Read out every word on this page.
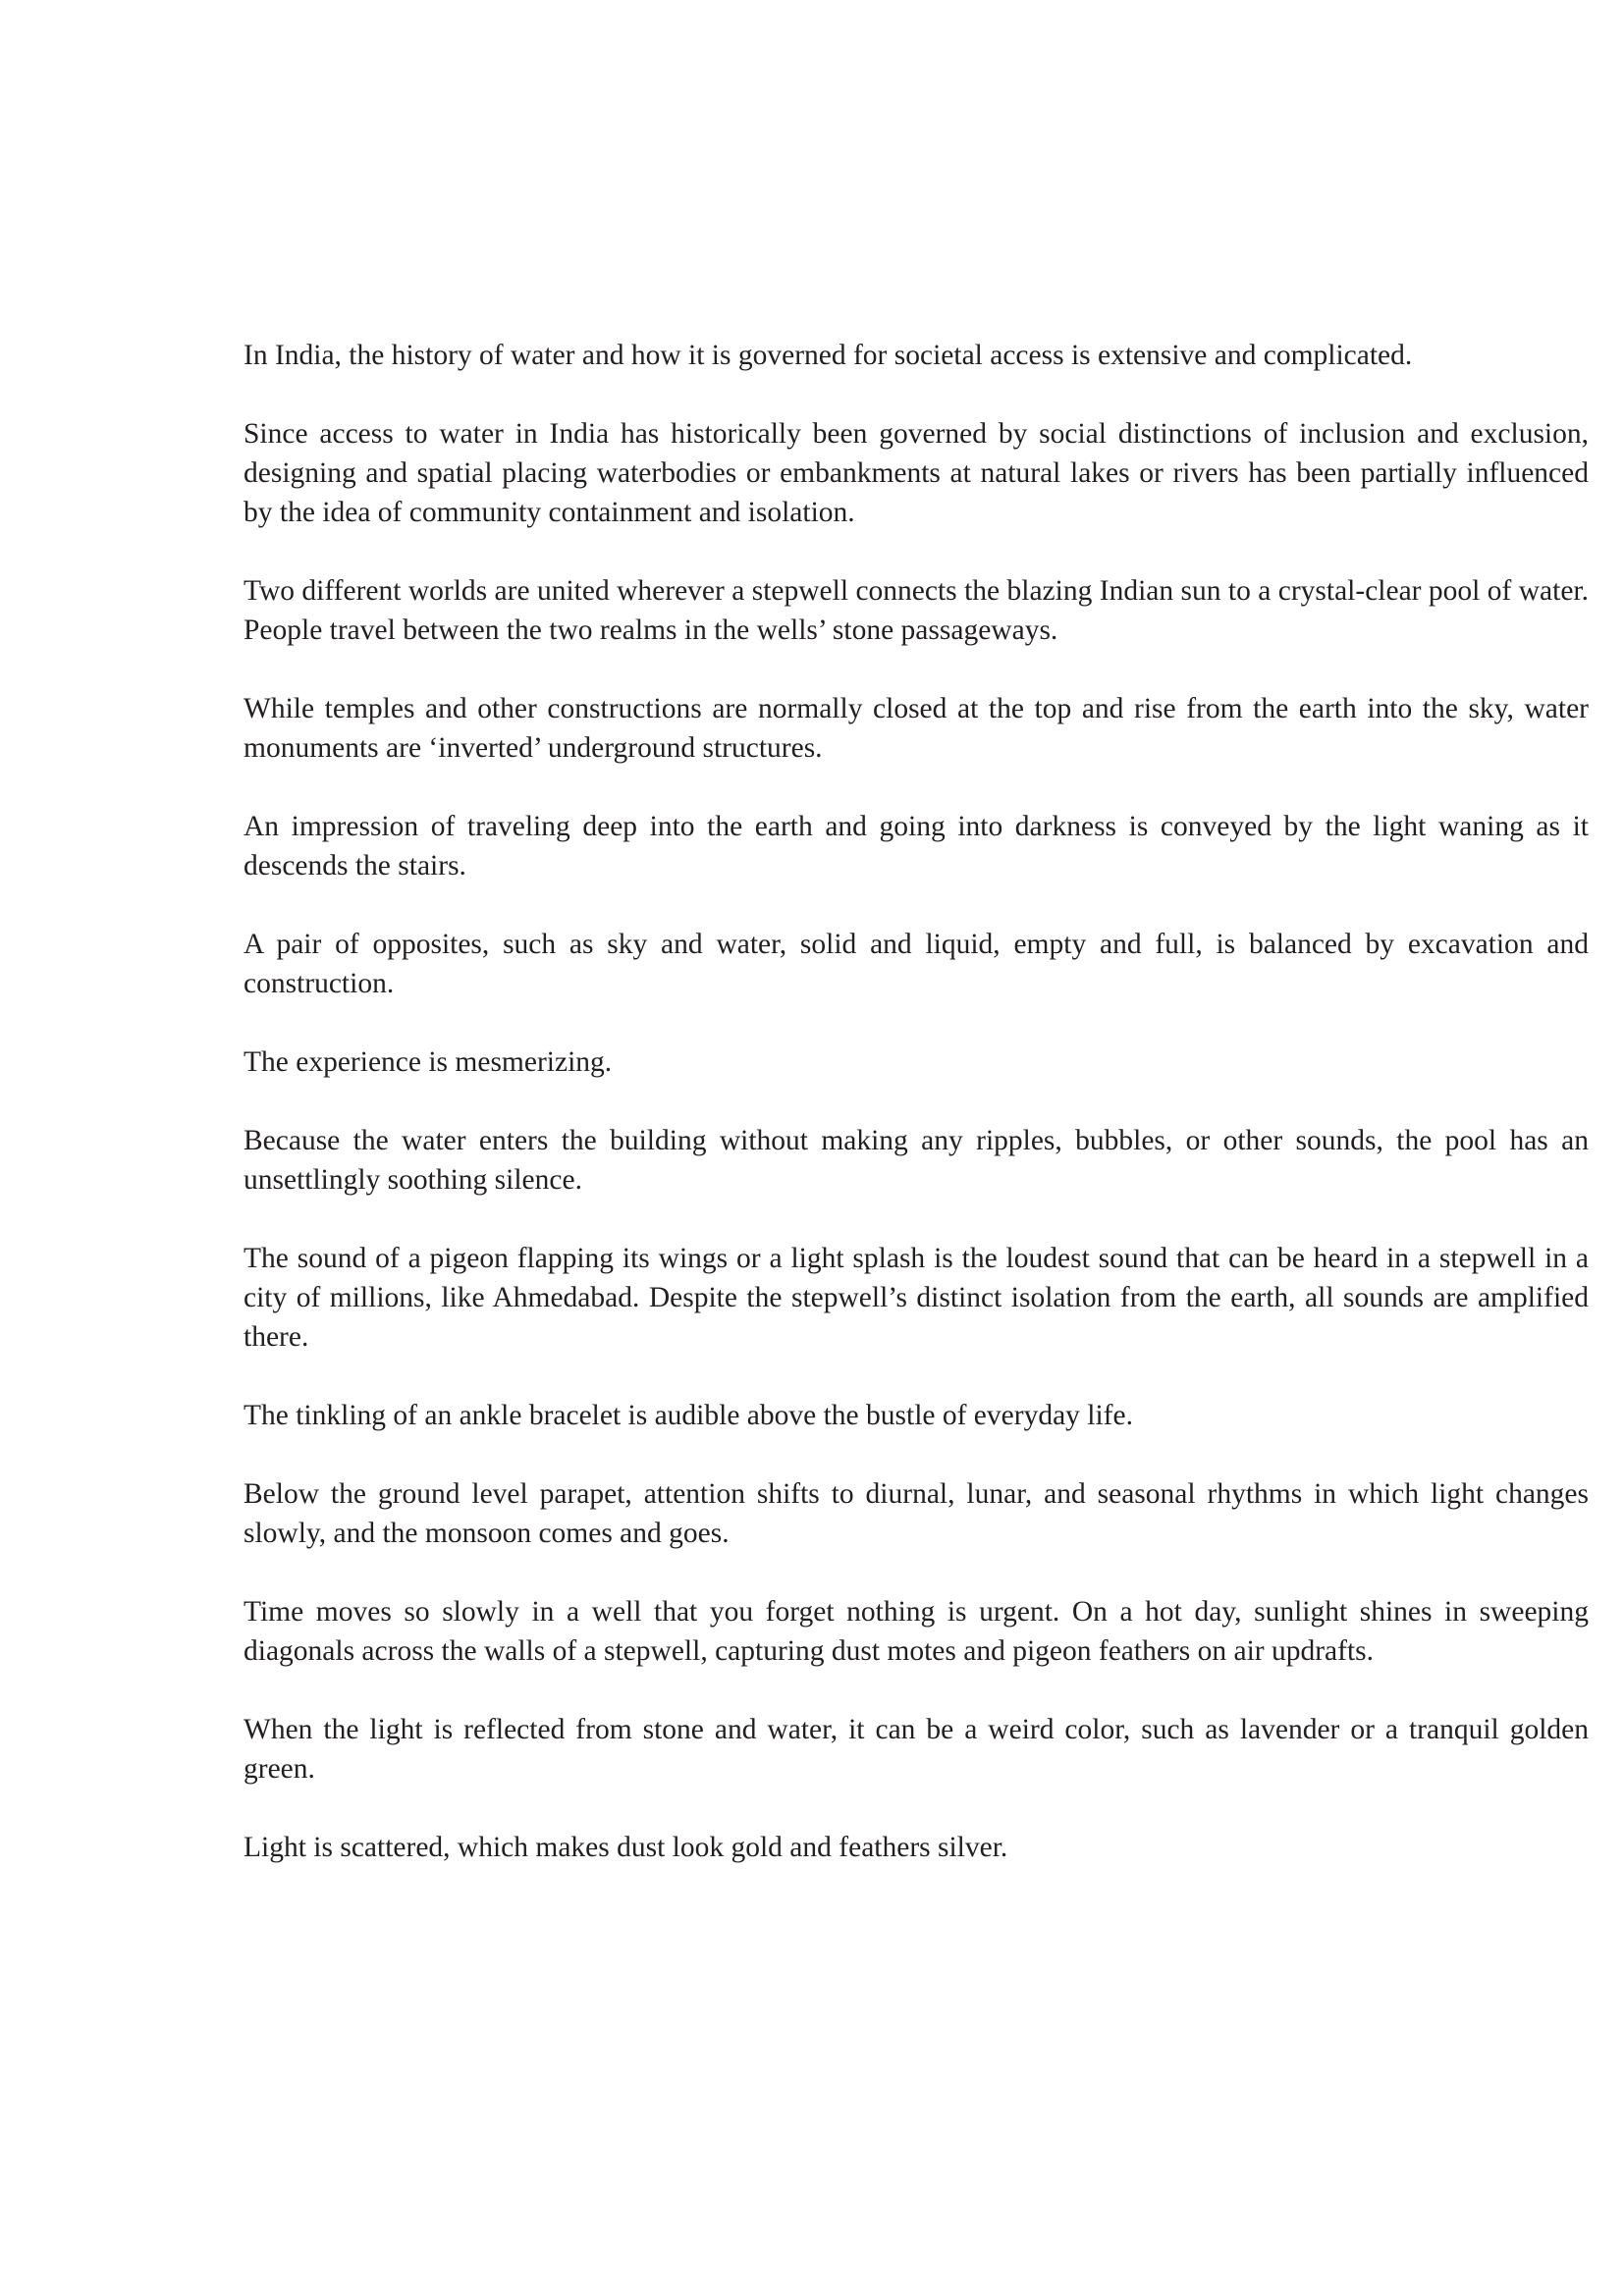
In India, the history of water and how it is governed for societal access is extensive and complicated.

Since access to water in India has historically been governed by social distinctions of inclusion and exclusion, designing and spatial placing waterbodies or embankments at natural lakes or rivers has been partially influenced by the idea of community containment and isolation.

Two different worlds are united wherever a stepwell connects the blazing Indian sun to a crystal-clear pool of water. People travel between the two realms in the wells’ stone passageways.

While temples and other constructions are normally closed at the top and rise from the earth into the sky, water monuments are ‘inverted’ underground structures.

An impression of traveling deep into the earth and going into darkness is conveyed by the light waning as it descends the stairs.

A pair of opposites, such as sky and water, solid and liquid, empty and full, is balanced by excavation and construction.

The experience is mesmerizing.

Because the water enters the building without making any ripples, bubbles, or other sounds, the pool has an unsettlingly soothing silence.

The sound of a pigeon flapping its wings or a light splash is the loudest sound that can be heard in a stepwell in a city of millions, like Ahmedabad. Despite the stepwell’s distinct isolation from the earth, all sounds are amplified there.

The tinkling of an ankle bracelet is audible above the bustle of everyday life.

Below the ground level parapet, attention shifts to diurnal, lunar, and seasonal rhythms in which light changes slowly, and the monsoon comes and goes.

Time moves so slowly in a well that you forget nothing is urgent. On a hot day, sunlight shines in sweeping diagonals across the walls of a stepwell, capturing dust motes and pigeon feathers on air updrafts.

When the light is reflected from stone and water, it can be a weird color, such as lavender or a tranquil golden green.

Light is scattered, which makes dust look gold and feathers silver.
